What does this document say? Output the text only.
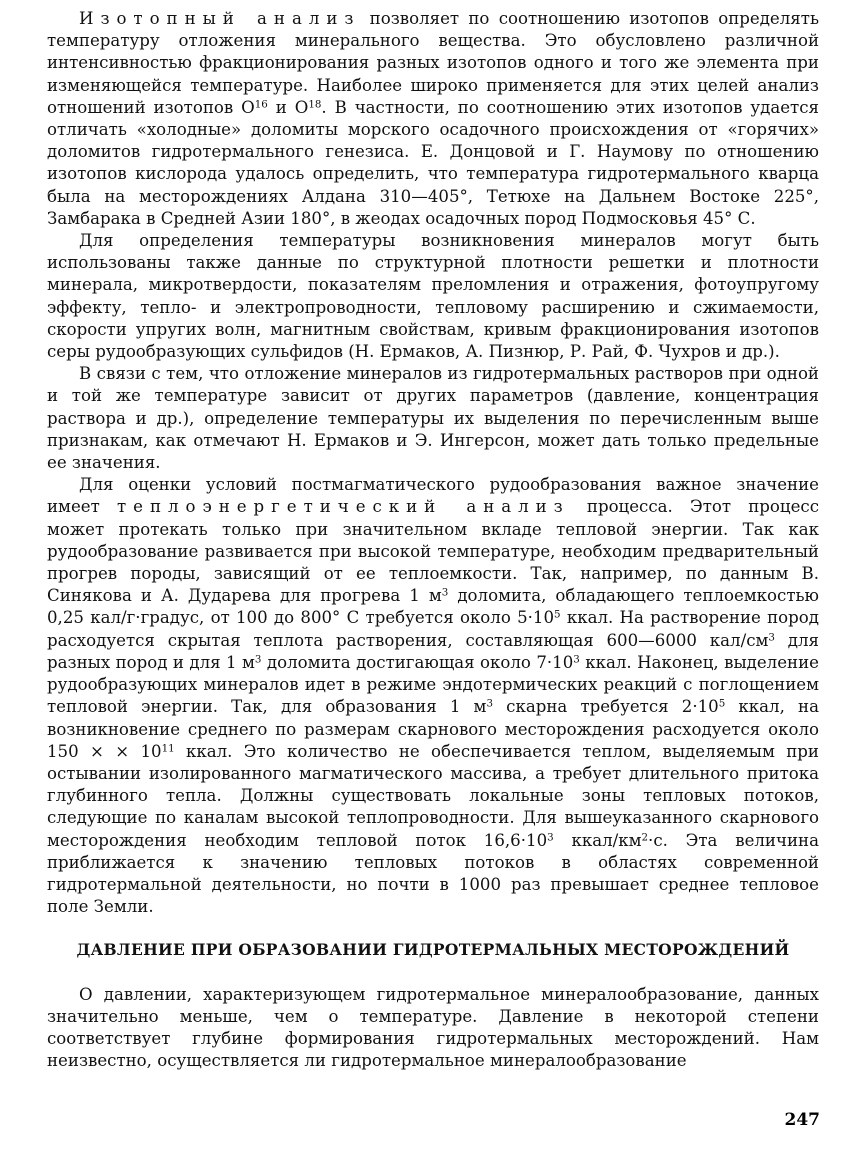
Изотопный анализ позволяет по соотношению изотопов определять температуру отложения минерального вещества. Это обусловлено различной интенсивностью фракционирования разных изотопов одного и того же элемента при изменяющейся температуре. Наиболее широко применяется для этих целей анализ отношений изотопов $O^{16}$ и $O^{18}$. В частности, по соотношению этих изотопов удается отличать «холодные» доломиты морского осадочного происхождения от «горячих» доломитов гидротермального генезиса. Е. Донцовой и Г. Наумову по отношению изотопов кислорода удалось определить, что температура гидротермального кварца была на месторождениях Алдана 310—405°, Тетюхе на Дальнем Востоке 225°, Замбарака в Средней Азии 180°, в жеодах осадочных пород Подмосковья 45° С.

Для определения температуры возникновения минералов могут быть использованы также данные по структурной плотности решетки и плотности минерала, микротвердости, показателям преломления и отражения, фотоупругому эффекту, тепло- и электропроводности, тепловому расширению и сжимаемости, скорости упругих волн, магнитным свойствам, кривым фракционирования изотопов серы рудообразующих сульфидов (Н. Ермаков, А. Пизнюр, Р. Рай, Ф. Чухров и др.).

В связи с тем, что отложение минералов из гидротермальных растворов при одной и той же температуре зависит от других параметров (давление, концентрация раствора и др.), определение температуры их выделения по перечисленным выше признакам, как отмечают Н. Ермаков и Э. Ингерсон, может дать только предельные ее значения.

Для оценки условий постмагматического рудообразования важное значение имеет теплоэнергетический анализ процесса. Этот процесс может протекать только при значительном вкладе тепловой энергии. Так как рудообразование развивается при высокой температуре, необходим предварительный прогрев породы, зависящий от ее теплоемкости. Так, например, по данным В. Синякова и А. Дударева для прогрева 1 $м^3$ доломита, обладающего теплоемкостью 0,25 кал/г·градус, от 100 до 800° С требуется около $5\cdot 10^5$ ккал. На растворение пород расходуется скрытая теплота растворения, составляющая 600—6000 кал/$см^3$ для разных пород и для 1 $м^3$ доломита достигающая около $7\cdot 10^3$ ккал. Наконец, выделение рудообразующих минералов идет в режиме эндотермических реакций с поглощением тепловой энергии. Так, для образования 1 $м^3$ скарна требуется $2\cdot 10^5$ ккал, на возникновение среднего по размерам скарнового месторождения расходуется около 150 × × $10^{11}$ ккал. Это количество не обеспечивается теплом, выделяемым при остывании изолированного магматического массива, а требует длительного притока глубинного тепла. Должны существовать локальные зоны тепловых потоков, следующие по каналам высокой теплопроводности. Для вышеуказанного скарнового месторождения необходим тепловой поток $16,6\cdot 10^3$ ккал/$км^2\cdot с$. Эта величина приближается к значению тепловых потоков в областях современной гидротермальной деятельности, но почти в 1000 раз превышает среднее тепловое поле Земли.

ДАВЛЕНИЕ ПРИ ОБРАЗОВАНИИ ГИДРОТЕРМАЛЬНЫХ МЕСТОРОЖДЕНИЙ

О давлении, характеризующем гидротермальное минералообразование, данных значительно меньше, чем о температуре. Давление в некоторой степени соответствует глубине формирования гидротермальных месторождений. Нам неизвестно, осуществляется ли гидротермальное минералообразование

247
